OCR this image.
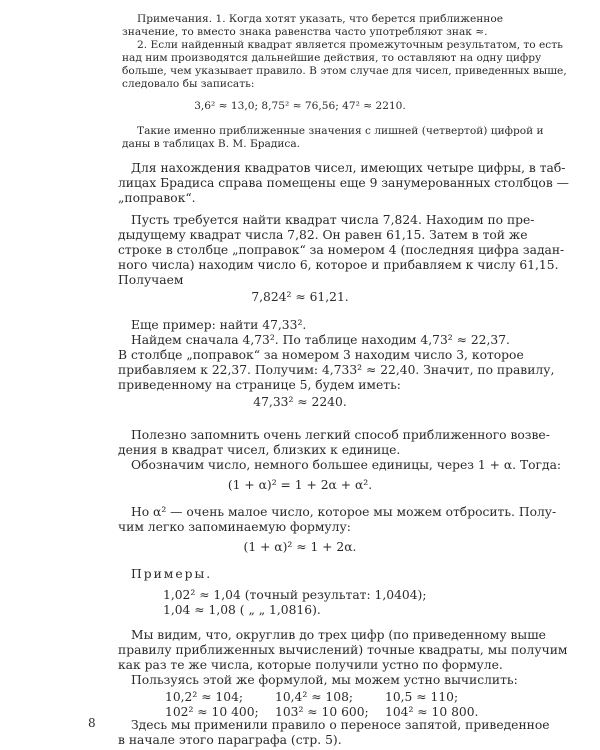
Примечания. 1. Когда хотят указать, что берется приближенное
значение, то вместо знака равенства часто употребляют знак ≈.
2. Если найденный квадрат является промежуточным результатом, то есть
над ним производятся дальнейшие действия, то оставляют на одну цифру
больше, чем указывает правило. В этом случае для чисел, приведенных выше,
следовало бы записать:
3,6² ≈ 13,0; 8,75² ≈ 76,56; 47² ≈ 2210.
Такие именно приближенные значения с лишней (четвертой) цифрой и
даны в таблицах В. М. Брадиса.
Для нахождения квадратов чисел, имеющих четыре цифры, в таб-
лицах Брадиса справа помещены еще 9 занумерованных столбцов —
„поправок“.
Пусть требуется найти квадрат числа 7,824. Находим по пре-
дыдущему квадрат числа 7,82. Он равен 61,15. Затем в той же
строке в столбце „поправок“ за номером 4 (последняя цифра задан-
ного числа) находим число 6, которое и прибавляем к числу 61,15.
Получаем
7,824² ≈ 61,21.
Еще пример: найти 47,33².
Найдем сначала 4,73². По таблице находим 4,73² ≈ 22,37.
В столбце „поправок“ за номером 3 находим число 3, которое
прибавляем к 22,37. Получим: 4,733² ≈ 22,40. Значит, по правилу,
приведенному на странице 5, будем иметь:
47,33² ≈ 2240.
Полезно запомнить очень легкий способ приближенного возве-
дения в квадрат чисел, близких к единице.
Обозначим число, немного большее единицы, через 1 + α. Тогда:
(1 + α)² = 1 + 2α + α².
Но α² — очень малое число, которое мы можем отбросить. Полу-
чим легко запоминаемую формулу:
(1 + α)² ≈ 1 + 2α.
Примеры.
1,02² ≈ 1,04 (точный результат: 1,0404);
1,04 ≈ 1,08 ( „ „ 1,0816).
Мы видим, что, округлив до трех цифр (по приведенному выше
правилу приближенных вычислений) точные квадраты, мы получим
как раз те же числа, которые получили устно по формуле.
Пользуясь этой же формулой, мы можем устно вычислить:
10,2² ≈ 104;	10,4² ≈ 108;	10,5 ≈ 110;
102² ≈ 10 400; 103² ≈ 10 600; 104² ≈ 10 800.
Здесь мы применили правило о переносе запятой, приведенное
в начале этого параграфа (стр. 5).
8
